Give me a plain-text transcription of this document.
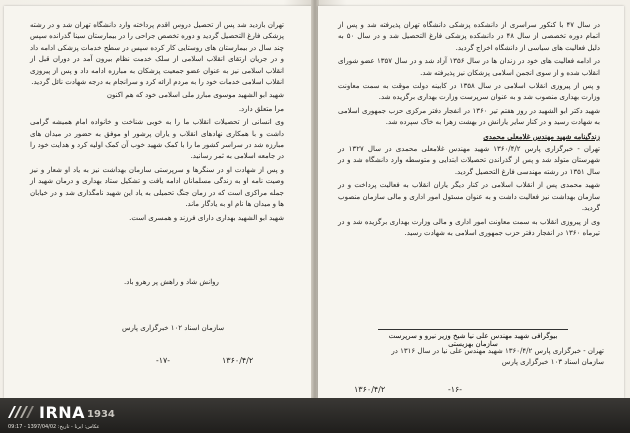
تهران بازدید شد پس از تحصیل دروس اقدم پرداخته وارد دانشگاه تهران شد و در رشته پزشکی فارغ التحصیل گردید و دوره تخصص جراحی را در بیمارستان سینا گذرانده سپس چند سال در بیمارستان های روستایی کار کرده سپس در سطح خدمات پزشکی ادامه داد و در جریان ارتقای انقلاب اسلامی از سلک خدمت نظام بیرون آمد در دوران قبل از انقلاب اسلامی نیز به عنوان عضو جمعیت پزشکان به مبارزه ادامه داد و پس از پیروزی انقلاب اسلامی خدمات خود را به مردم ارائه کرد و سرانجام به درجه شهادت نائل گردید.

شهید ابو الشهید موسوی مبارز ملی اسلامی خود که هم اکنون

مرا متعلق دارد.

وی انسانی از تحصیلات انقلاب ما را به خوبی شناخت و خانواده امام همیشه گرامی داشت و با همکاری نهادهای انقلاب و یاران پرشور او موفق به حضور در میدان های مبارزه شد در سراسر کشور ما را با کمک شهید خوب آن کمک اولیه کرد و هدایت خود را در جامعه اسلامی به ثمر رسانید.

و پس از شهادت او در سنگرها و سرپرستی سازمان بهداشت نیز به یاد او شعار و نیز وصیت نامه او به زندگی مسلمانان ادامه یافت و تشکیل ستاد بهداری و درمان شهید از جمله مراکزی است که در زمان جنگ تحمیلی به یاد این شهید نامگذاری شد و در خیابان ها و میدان ها نام او به یادگار ماند.

شهید ابو الشهید بهداری دارای فرزند و همسری است.

روانش شاد و راهش پر رهرو باد.
سازمان اسناد ۱۰۲ خبرگزاری پارس
۱۳۶۰/۴/۲
-۱۷-

در سال ۴۷ با کنکور سراسری از دانشکده پزشکی دانشگاه تهران پذیرفته شد و پس از اتمام دوره تخصصی از سال ۴۸ در دانشکده پزشکی فارغ التحصیل شد و در سال ۵۰ به دلیل فعالیت های سیاسی از دانشگاه اخراج گردید.

در ادامه فعالیت های خود در زندان ها در سال ۱۳۵۶ آزاد شد و در سال ۱۳۵۷ عضو شورای انقلاب شده و از سوی انجمن اسلامی پزشکان نیز پذیرفته شد.

و پس از پیروزی انقلاب اسلامی در سال ۱۳۵۸ در کابینه دولت موقت به سمت معاونت وزارت بهداری منصوب شد و به عنوان سرپرست وزارت بهداری برگزیده شد.

شهید دکتر ابو الشهید در روز هفتم تیر ۱۳۶۰ در انفجار دفتر مرکزی حزب جمهوری اسلامی به شهادت رسید و در کنار سایر یارانش در بهشت زهرا به خاک سپرده شد.

زندگینامه شهید مهندس غلامعلی محمدی

تهران - خبرگزاری پارس ۱۳۶۰/۴/۲ شهید مهندس غلامعلی محمدی در سال ۱۳۲۷ در شهرستان متولد شد و پس از گذراندن تحصیلات ابتدایی و متوسطه وارد دانشگاه شد و در سال ۱۳۵۱ در رشته مهندسی فارغ التحصیل گردید.

شهید محمدی پس از انقلاب اسلامی در کنار دیگر یاران انقلاب به فعالیت پرداخت و در سازمان بهداشت نیز فعالیت داشت و به عنوان مسئول امور اداری و مالی سازمان منصوب گردید.

وی از پیروزی انقلاب به سمت معاونت امور اداری و مالی وزارت بهداری برگزیده شد و در تیرماه ۱۳۶۰ در انفجار دفتر حزب جمهوری اسلامی به شهادت رسید.

بیوگرافی شهید مهندس علی نیا شیخ وزیر نیرو و سرپرست سازمان بهزیستی
تهران - خبرگزاری پارس ۱۳۶۰/۴/۲ شهید مهندس علی نیا در سال ۱۳۱۶ در
سازمان اسناد ۱۰۳ خبرگزاری پارس
۱۳۶۰/۴/۲	-۱۶-
IRNA 1934
عکاس: ایرنا - تاریخ: 1397/04/02 - 09:17
